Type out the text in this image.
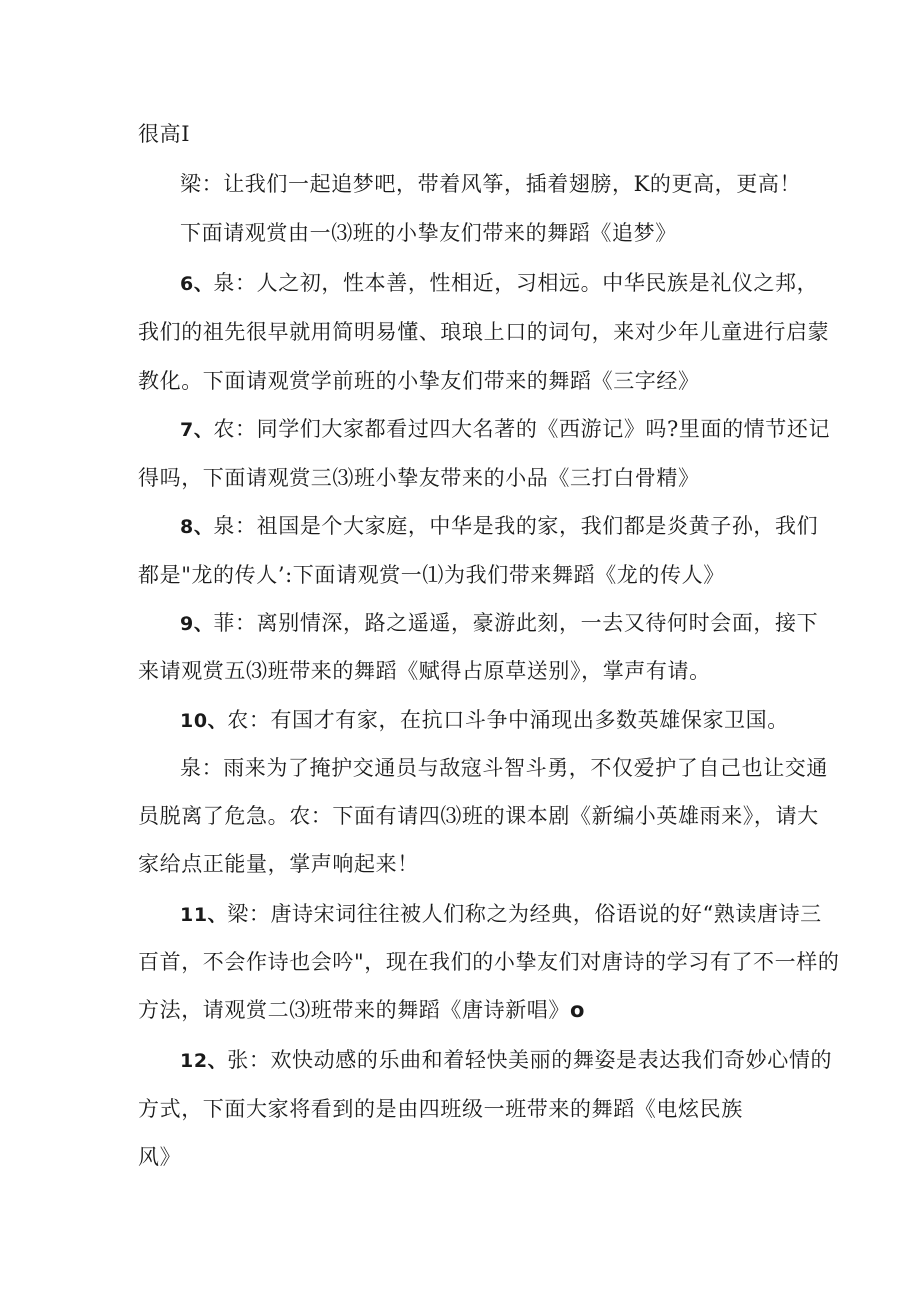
很高I
梁：让我们一起追梦吧，带着风筝，插着翅膀，K的更高，更高！
下面请观赏由一⑶班的小挚友们带来的舞蹈《追梦》
6、泉：人之初，性本善，性相近，习相远。中华民族是礼仪之邦，
我们的祖先很早就用简明易懂、琅琅上口的词句，来对少年儿童进行启蒙
教化。下面请观赏学前班的小挚友们带来的舞蹈《三字经》
7、农：同学们大家都看过四大名著的《西游记》吗?里面的情节还记
得吗，下面请观赏三⑶班小挚友带来的小品《三打白骨精》
8、泉：祖国是个大家庭，中华是我的家，我们都是炎黄子孙，我们
都是"龙的传人’:下面请观赏一⑴为我们带来舞蹈《龙的传人》
9、菲：离别情深，路之遥遥，豪游此刻，一去又待何时会面，接下
来请观赏五⑶班带来的舞蹈《赋得占原草送别》，掌声有请。
10、农：有国才有家，在抗口斗争中涌现出多数英雄保家卫国。
泉：雨来为了掩护交通员与敌寇斗智斗勇，不仅爱护了自己也让交通
员脱离了危急。农：下面有请四⑶班的课本剧《新编小英雄雨来》，请大
家给点正能量，掌声响起来！
11、梁：唐诗宋词往往被人们称之为经典，俗语说的好“熟读唐诗三
百首，不会作诗也会吟"，现在我们的小挚友们对唐诗的学习有了不一样的
方法，请观赏二⑶班带来的舞蹈《唐诗新唱》o
12、张：欢快动感的乐曲和着轻快美丽的舞姿是表达我们奇妙心情的
方式，下面大家将看到的是由四班级一班带来的舞蹈《电炫民族
风》
